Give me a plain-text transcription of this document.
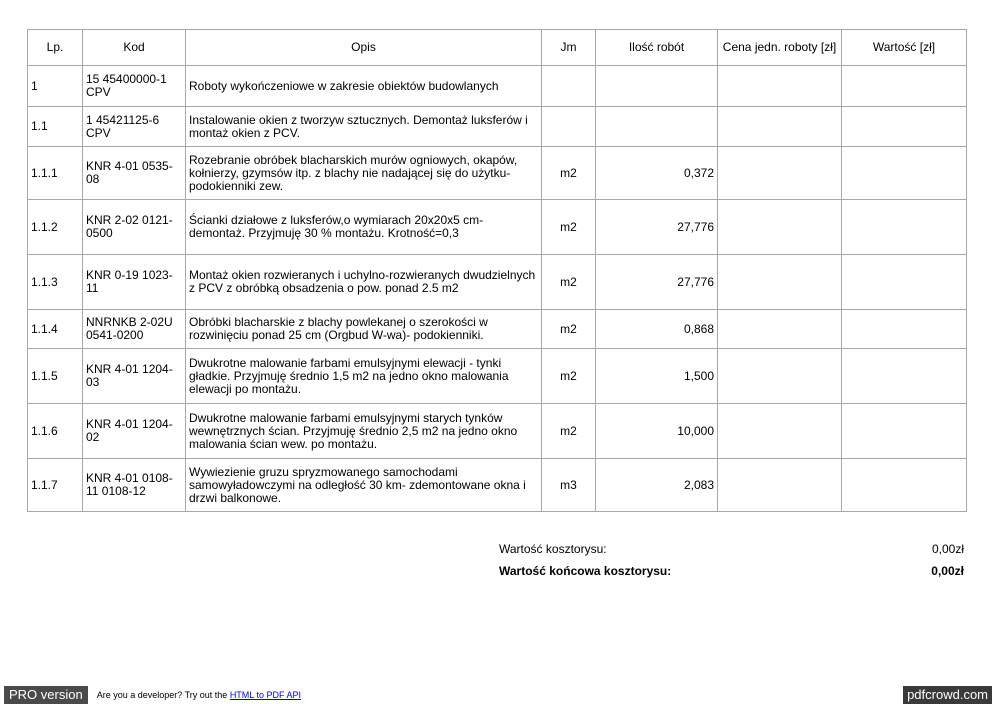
Lp.	Kod	Opis	Jm	Ilość robót	Cena jedn. roboty [zł]	Wartość [zł]
1	15 45400000-1 CPV	Roboty wykończeniowe w zakresie obiektów budowlanych				
1.1	1 45421125-6 CPV	Instalowanie okien z tworzyw sztucznych. Demontaż luksferów i montaż okien z PCV.				
1.1.1	KNR 4-01 0535-08	Rozebranie obróbek blacharskich murów ogniowych, okapów, kołnierzy, gzymsów itp. z blachy nie nadającej się do użytku- podokienniki zew.	m2	0,372		
1.1.2	KNR 2-02 0121-0500	Ścianki działowe z luksferów,o wymiarach 20x20x5 cm- demontaż. Przyjmuję 30 % montażu. Krotność=0,3	m2	27,776		
1.1.3	KNR 0-19 1023-11	Montaż okien rozwieranych i uchylno-rozwieranych dwudzielnych z PCV z obróbką obsadzenia o pow. ponad 2.5 m2	m2	27,776		
1.1.4	NNRNKB 2-02U 0541-0200	Obróbki blacharskie z blachy powlekanej o szerokości w rozwinięciu ponad 25 cm (Orgbud W-wa)- podokienniki.	m2	0,868		
1.1.5	KNR 4-01 1204-03	Dwukrotne malowanie farbami emulsyjnymi elewacji - tynki gładkie. Przyjmuję średnio 1,5 m2 na jedno okno malowania elewacji po montażu.	m2	1,500		
1.1.6	KNR 4-01 1204-02	Dwukrotne malowanie farbami emulsyjnymi starych tynków wewnętrznych ścian. Przyjmuję średnio 2,5 m2 na jedno okno malowania ścian wew. po montażu.	m2	10,000		
1.1.7	KNR 4-01 0108-11 0108-12	Wywiezienie gruzu spryzmowanego samochodami samowyładowczymi na odległość 30 km- zdemontowane okna i drzwi balkonowe.	m3	2,083		
Wartość kosztorysu:	0,00zł
Wartość końcowa kosztorysu:	0,00zł
PRO version	Are you a developer? Try out the HTML to PDF API	pdfcrowd.com
